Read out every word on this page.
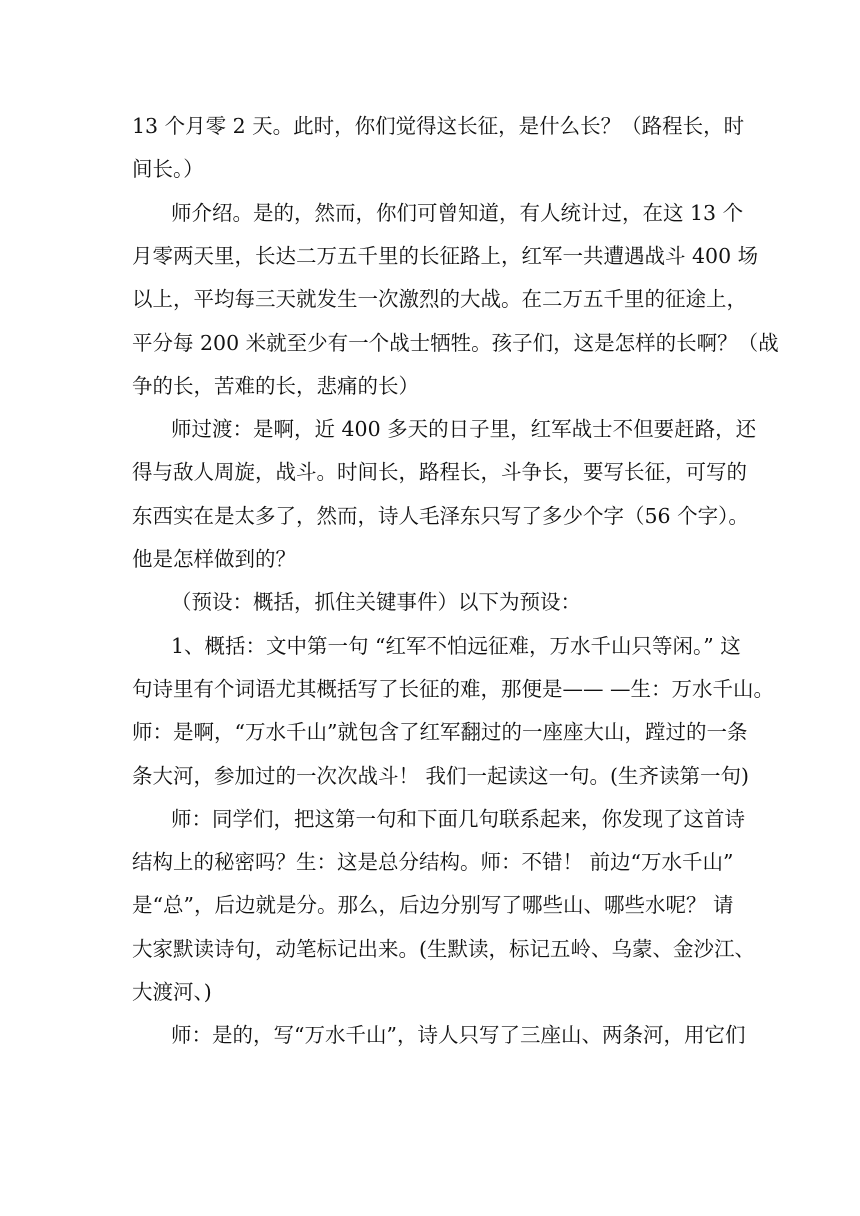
13 个月零 2 天。此时，你们觉得这长征，是什么长？（路程长，时
间长。）
师介绍。是的，然而，你们可曾知道，有人统计过，在这 13 个
月零两天里，长达二万五千里的长征路上，红军一共遭遇战斗 400 场
以上，平均每三天就发生一次激烈的大战。在二万五千里的征途上，
平分每 200 米就至少有一个战士牺牲。孩子们，这是怎样的长啊？（战
争的长，苦难的长，悲痛的长）
师过渡：是啊，近 400 多天的日子里，红军战士不但要赶路，还
得与敌人周旋，战斗。时间长，路程长，斗争长，要写长征，可写的
东西实在是太多了，然而，诗人毛泽东只写了多少个字（56 个字）。
他是怎样做到的？
（预设：概括，抓住关键事件）以下为预设：
1、概括：文中第一句 “红军不怕远征难，万水千山只等闲。” 这
句诗里有个词语尤其概括写了长征的难，那便是—— —生：万水千山。
师：是啊，“万水千山”就包含了红军翻过的一座座大山，蹚过的一条
条大河，参加过的一次次战斗！ 我们一起读这一句。(生齐读第一句)
师：同学们，把这第一句和下面几句联系起来，你发现了这首诗
结构上的秘密吗？生：这是总分结构。师：不错！ 前边“万水千山”
是“总”，后边就是分。那么，后边分别写了哪些山、哪些水呢？ 请
大家默读诗句，动笔标记出来。(生默读，标记五岭、乌蒙、金沙江、
大渡河、)
师：是的，写“万水千山”，诗人只写了三座山、两条河，用它们
